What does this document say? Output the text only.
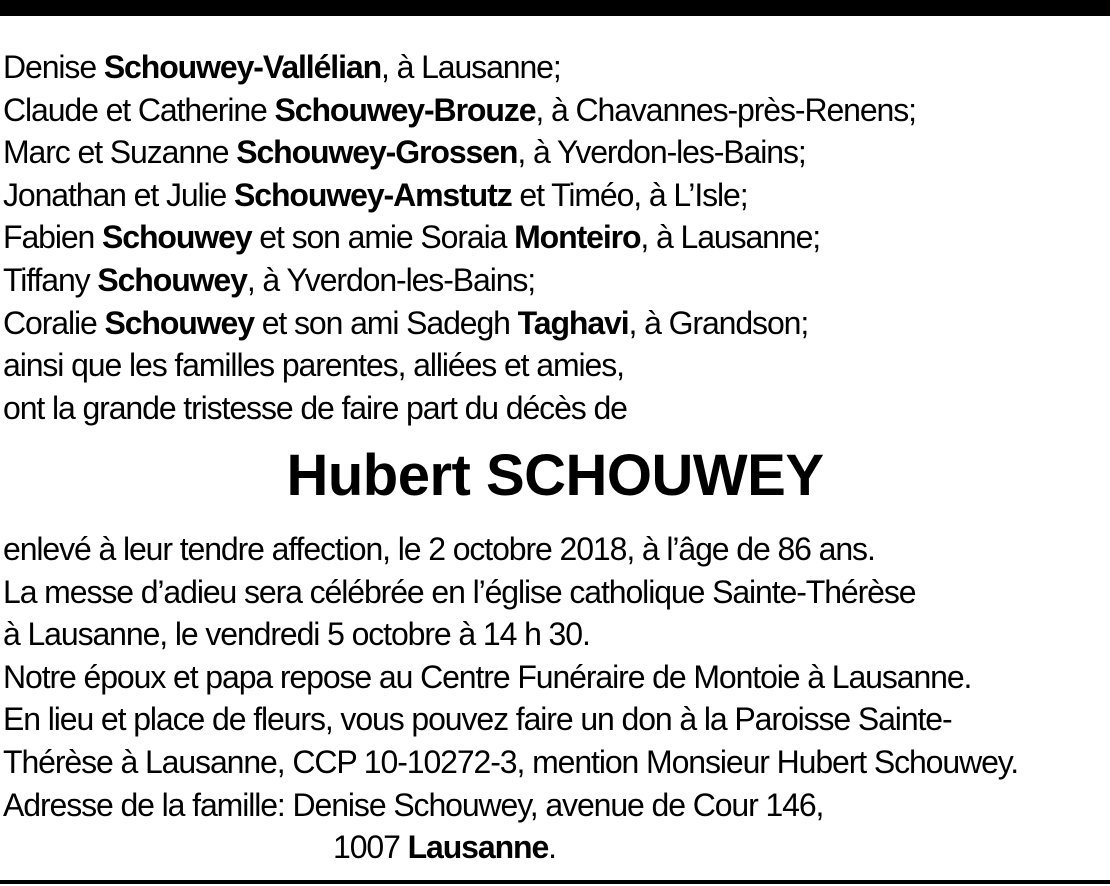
Denise Schouwey-Vallélian, à Lausanne;
Claude et Catherine Schouwey-Brouze, à Chavannes-près-Renens;
Marc et Suzanne Schouwey-Grossen, à Yverdon-les-Bains;
Jonathan et Julie Schouwey-Amstutz et Timéo, à L’Isle;
Fabien Schouwey et son amie Soraia Monteiro, à Lausanne;
Tiffany Schouwey, à Yverdon-les-Bains;
Coralie Schouwey et son ami Sadegh Taghavi, à Grandson;
ainsi que les familles parentes, alliées et amies,
ont la grande tristesse de faire part du décès de
Hubert SCHOUWEY
enlevé à leur tendre affection, le 2 octobre 2018, à l’âge de 86 ans.
La messe d’adieu sera célébrée en l’église catholique Sainte-Thérèse
à Lausanne, le vendredi 5 octobre à 14 h 30.
Notre époux et papa repose au Centre Funéraire de Montoie à Lausanne.
En lieu et place de fleurs, vous pouvez faire un don à la Paroisse Sainte-
Thérèse à Lausanne, CCP 10-10272-3, mention Monsieur Hubert Schouwey.
Adresse de la famille: Denise Schouwey, avenue de Cour 146,
1007 Lausanne.
